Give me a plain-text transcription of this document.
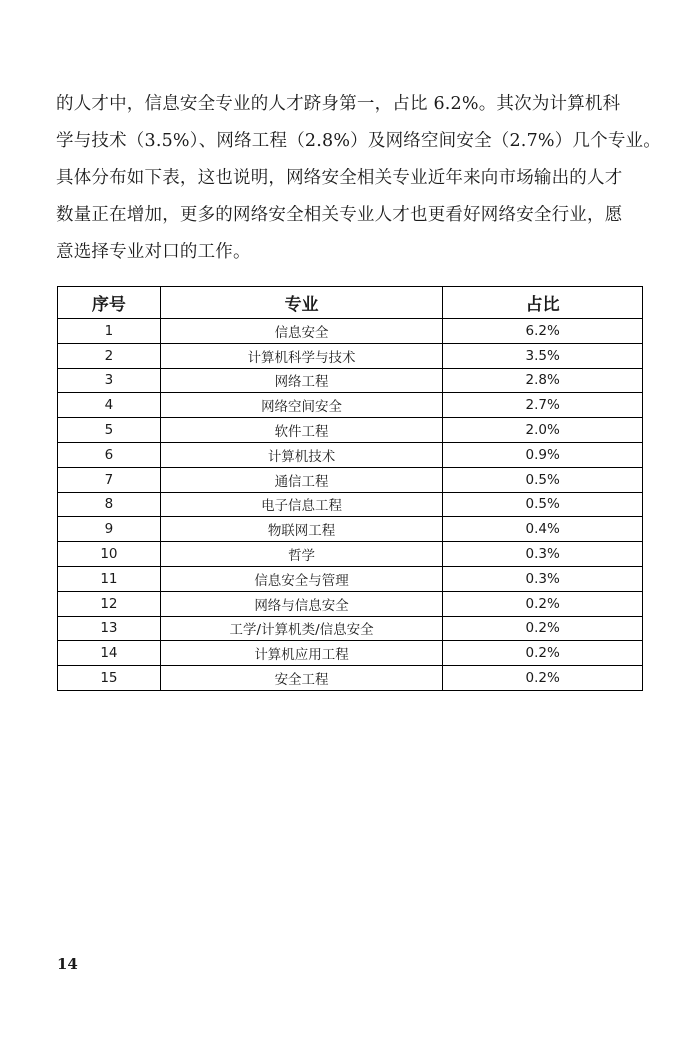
的人才中，信息安全专业的人才跻身第一，占比 6.2%。其次为计算机科
学与技术（3.5%）、网络工程（2.8%）及网络空间安全（2.7%）几个专业。
具体分布如下表，这也说明，网络安全相关专业近年来向市场输出的人才
数量正在增加，更多的网络安全相关专业人才也更看好网络安全行业，愿
意选择专业对口的工作。
序号	专业	占比
1	信息安全	6.2%
2	计算机科学与技术	3.5%
3	网络工程	2.8%
4	网络空间安全	2.7%
5	软件工程	2.0%
6	计算机技术	0.9%
7	通信工程	0.5%
8	电子信息工程	0.5%
9	物联网工程	0.4%
10	哲学	0.3%
11	信息安全与管理	0.3%
12	网络与信息安全	0.2%
13	工学/计算机类/信息安全	0.2%
14	计算机应用工程	0.2%
15	安全工程	0.2%
14
